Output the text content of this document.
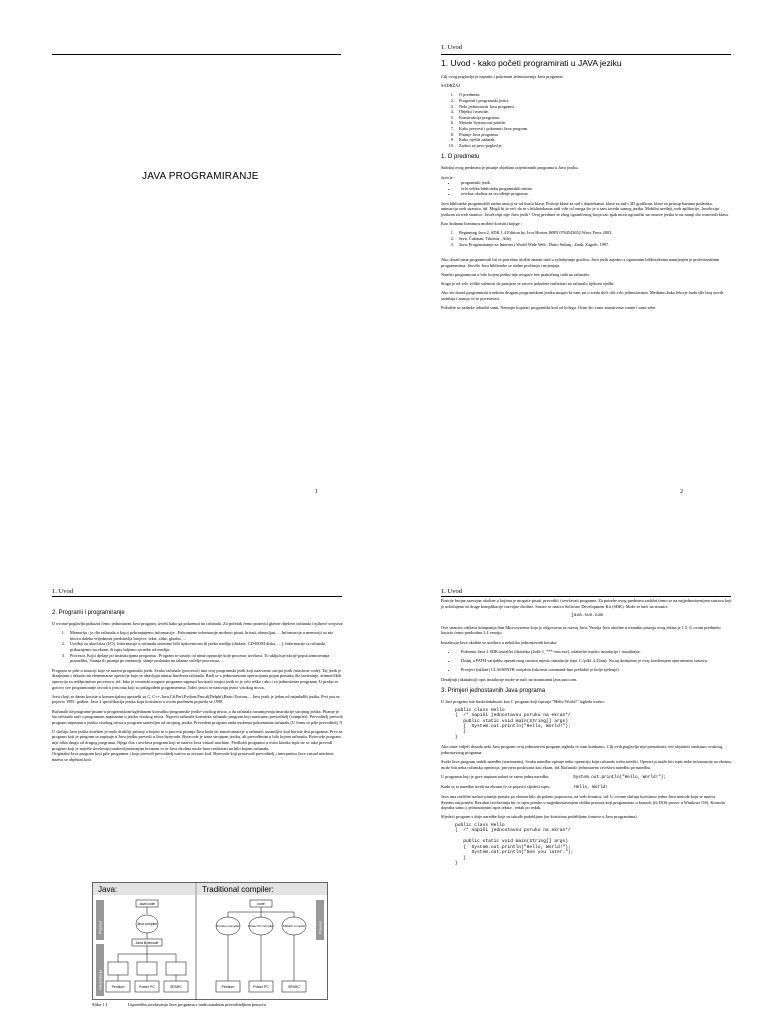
JAVA PROGRAMIRANJE
1
1. Uvod
1. Uvod - kako početi programirati u JAVA jeziku

Cilj ovog poglavlja je naputiti i pokrenuti jednostavnije Java programe.

SADRŽAJ

1. O predmetu.
2. Programi i programski jezici.
3. Neki jednostavni Java programi.
4. Objekti i metode.
5. Konstrukcija programa.
6. Metoda System.out.println.
7. Kako prevesti i pokrenuti Java program.
8. Pisanje Java programa.
9. Kako riješiti zadatak.
10. Zadaci za prvo poglavlje.
1. O predmetu

Sadržaj ovog predmeta je pisanje objektno orijentiranih programa u Java jeziku.

Java je :

• programski jezik
• vrlo velika biblioteka programskih rutina
• izvršna okolina za izvođenje programa.

Java biblioteke programskih rutina sastoji se od tisuća klasa. Postoje klase za rad s datotekama, klase za rad s 3D grafikom, klase za pristup bazama podataka, animaciju web stranica, itd. Mogli bi se reći da se s bibliotekama radi više od onoga što je u sam izvedu samog jezika. Mobilni uređaji, web aplikacije, JavaScript jezikom za web stranice. JavaScript nije Java jezik ! Ovaj predmet se zbog ograničenog broja sati ipak mora ograničiti na osnove jezika te na manji dio osnovnih klasa.

Kao dodatnu literaturu možete koristiti knjige :

1. Beginning Java 2, SDK 1.4 Edition by, Ivor Horton ISBN 0764543652 Wrox Press 2003.
2. Java, Čukman, Tihomir , Alfej
3. Java: Programiranje za Internet i World Wide Web , Dario Sušanj , Znak, Zagreb, 1997.

Ako dosad niste programirali bit će potrebno uložiti znatan trud u svladavanje gradiva. Java jezik zajedno s ogromnim bibliotekama namijenjen je profesionalnim programerima. Stoviše Java biblioteke se stalno proširuju i mijenjaju.

Naučiti programirati u bilo kojem jeziku nije moguće bez praktičnog rada na računalu.

Stoga je od vrlo velike važnosti da primjere se setove pokušete realizirati na računalu tijekom vježbi.

Ako ste dosad programirali u nekom drugom programskom jeziku mogao bi vam pri u sredu doći trik vrlo jednostavnim. Međutim kako lekcije budu išle broj novih sadržaja i znanja će se povećavati.

Pokušite se zadatke odraditi sami. Nemojte kopirati programski kod od kolega. Ocim što vaste znanstvena varate i sami sebe.

2
1. Uvod
2. Programi i programiranje

U ovome poglavlju prikazat ćemo jednostavni Java program, izvešt kako ga pokrenuti na računalu. Za početak ćemo ponoviti glavne dijelove računala i njihove svojstva:

1. Memorija : je dio računala u kojoj pohranjujemo informacije . Pohranjene informacije moženo pisati, brisati, obnavljati, ... Informacije u memoriji su niz bitova daleka vrijednosti predstavlja brojeve, tekst, slike, glazbu, ...
2. Uređaji za ulaz/izlaz (I/O). Informacije u računalu unosimo bilo tipkovnicom ili preko medija (diskete, CD-ROM diska, ... ). Informacije iz računala prikazujemo na ekrani ili ispis šaljemo na neke od medija.
3. Procesor. Kojii djelaje po instrukcijama programa . Program se sastoji od nima operacije koje procesor izvršava. To uključuje akcije poput izmiravanja prarazliku, čitanja ili pisanja po memoriji, slanje podataka na izlazne sučelje procesora, ...

Program se piše u notaciji koje se naziva programski jezik. Svako računalo (procesor) ima svoj programski jezik koji nazivamo strojni jezik (machine code). Taj jezik je dizajniran s faksom na elementarne operacije koje se obavljaju unutar hardvera računala. Radi se o jednostavnim operacijama poput pomaka iliz izmeranje, aritmetičkih operacija za redžprimitno procesora, itd. Iako je teoretski moguće programe napisati koristeći strojni jezik to je vrlo teško i ako i za jednostavne programe. U praksi se gotovo sve programiranje izvodi u jezicima koji su prilagođeni programerima. Takvi jezici se nazivaju jezici visokog nivoa.

Jezici koji se danas koriste u komercijalnoj upotrebi su C, C++,Java,C#,Perl,Python,Pascal(Delphi),Basic,Fortran,... Java jezik je jedan od najmlađih jezika. Prvi put se pojavio 1995. godine. Java 2 specifikacija jezika koju koristimo u ovom predmetu pojavila se 1998.

Računalo da programe pisane u programskom ugledanom korisniku programske jezike visokog nivoa, a da računala razumijevaju instrukcije strojnog jezika. Pitanje je što računalo radi s programom napisanim u jeziku visokog nivoa. Najveći računale korisnika računalo program koji nazivamo prevoditelj (compiler). Prevoditelj prevodi program napisanu u jeziku visokog nivoa u program sastavljen od strojnog jezika. Prevedeni program onda možemo pokrenutina računalu (U čemu se piše prevoditelj ?)

U slučaju Java jezika korišten je malo drukčiji pristup u kojem se u procesu pisanja Java koda do transformacije u računalo razumljivi kod koriste dva programa. Prvo se program koji je program se zapisuje u Java jeziku prevodi u Java bytecode. Bytecode je izraz strojnom jeziku, ali prevođenim u bilo kojem računalu. Bytecode program nije ništa drugo od drugog programa. Njega čita i izvršava program koji se naziva Java virtual machine. Predložit programu u ovim koraka ispit ste se tako prevodi program koji je najviše izvršavaju nadovoljnotavnjim brzinom to se Java okolina može brzo realizirati na bilo kojem računalu.

Originalni Java program koji piše programer i koje prevodi prevoditelj naziva se izvorni kod. Bytecode koji proizvodi prevoditelj i interpretira Java virtual machine naziva se objektni kod.

Java:	Traditional compiler:
Prijevod
Interpretacija
Java code
Java compiler
Java Bytecode
Pentium	Power PC	SPARC
Prijevod
code
Pentium compiler	Power PC compiler	SPARC compiler
Pentium	Power PC	SPARC
Slika 1.1	Usporedba izvršavanja Java programa s tradicionalnim prevoditeljima pomoću
1. Uvod

Postoje brojne razvojne okoline u kojima je moguće pisati, prevoditi i izvršavati programe. Za potrebe ovog predmeta zadržat ćemo se na najjednostavnijem sustavu koji je uobičajeno za druge komplikacije razvojne okoline. Sustav se naziva Software Development Kit (SDK). Može se naći na stranici:

java.sun.com

Ove stranice održava kompanija Sun Microsystems koja je odgovorna za razvoj Java. Verzija Java okoline u trenutku pisanja ovog teksta je 1.5. U ovom predmetu koristit ćemo prethodnu 1.4 verziju.

Instalacija Java okoline se uređava u nekoliko jednostavnih koraka:

• Pokrenut Java 2 SDK installer (datoteka j2sdk-1_***-win.exe), odaberite mjesto instalacije i instalirajte.
• Dodaj u PATH varijablu operativnog sustava mjesto instalacije (npr. C:\jdk1.4.2\bin). Na taj dodajemo je ovaj korištenjem operativnim sustavu.
• Provjeri (ukloni) CLASSPATH varijablu (iskoristi command-line prekidač je bolje rješenje).

Detaljniji (aktualniji) opis instalacije može se naći na stranicama java.sun.com.

3. Primjeri jednostavnih Java programa

U Javi program iste funkcionalnosti kao C program koji ispisuje "Hello World!" izgleda ovako:

public class Hello
{  /* napiši jednostavnu poruku na ekran*/
public static void main(String[] args)
{  System.out.println("Hello, World!");
}
}

Ako niste vidjeli dosada neki Java program ovaj jednostavni program izgleda će vam konfuzno. Cilj ovih poglavlja nije preuzimati, već objasniti strukturu ovakvog jednostavnog programa.

Svaki Java program sadrži naredbe (statements). Svaka naredba opisuje neku operaciju koju računalo treba izvršiti. Operacija može biti ispis neke informacije na ekranu, može biti neka računska operacija, provjera poslovana kao ekran, itd. Računalo jednostavno izvršava naredbu po naredbu.

U programu koji je gore napisan nalazi se samo jedna naredba:	System.out.println("Hello, World!");

Kada se ta naredba izvrši na ekranu će se pojaviti sljedeći ispis:	Hello, World!

Java ima različite načine pisanja poruke po ekranu bilo da poleno poprozoru, na web stranicu, itd. U ovome slučaju koristimo jedna Java metoda koju se naziva System.out.println. Rezultat izvršavanja bit će ispis poruke u najjednostavnijem obliku prozora koji programirao u konzoli (ili DOS prozor u Windows OS). Konzola dopušta samo s jednostavnim ispis teksta , redak po redak.

Sljedeći program s drije naredbe koje su takođe podebljano (ne koristimo podebljane fontove u Java programima).

public class Hello
{  /* napiši jednostavnu poruku na ekran*/

public static void main(String[] args)
{  System.out.println("Hello, World!");
System.out.println("See you later.");
}
}
